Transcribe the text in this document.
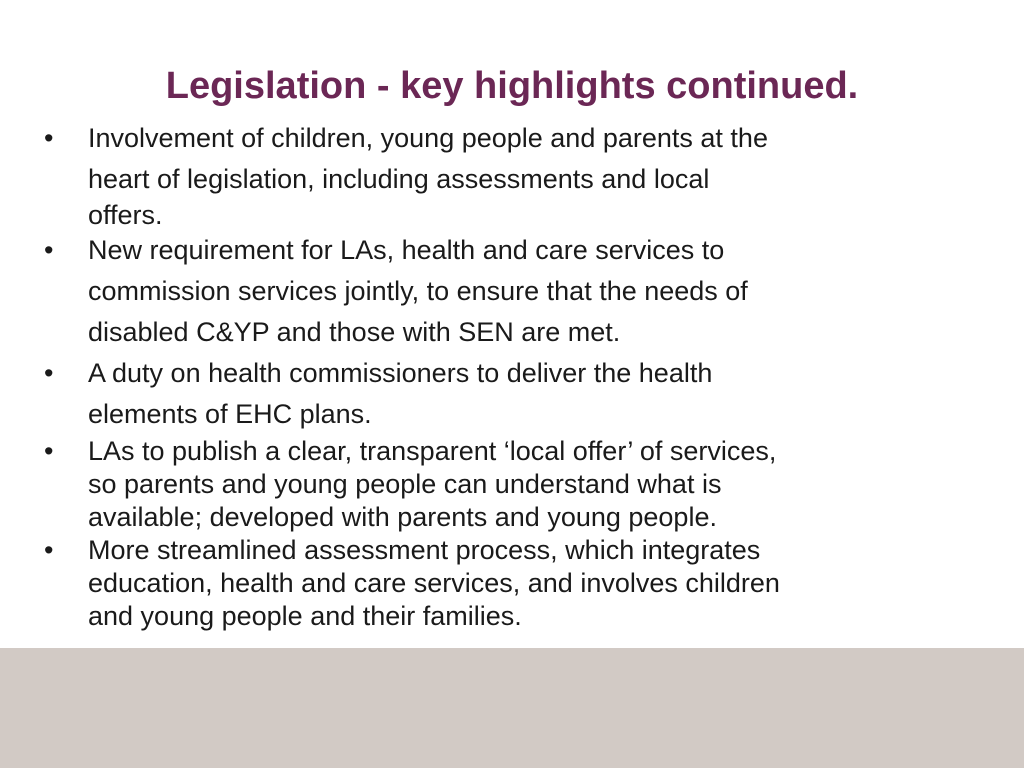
Legislation - key highlights continued.
•	Involvement of children, young people and parents at the
heart of legislation, including assessments and local

offers.
•	New requirement for LAs, health and care services to
commission services jointly, to ensure that the needs of
disabled C&YP and those with SEN are met.
•	A duty on health commissioners to deliver the health
elements of EHC plans.
•	LAs to publish a clear, transparent ‘local offer’ of services,
so parents and young people can understand what is
available; developed with parents and young people.
•	More streamlined assessment process, which integrates
education, health and care services, and involves children
and young people and their families.
